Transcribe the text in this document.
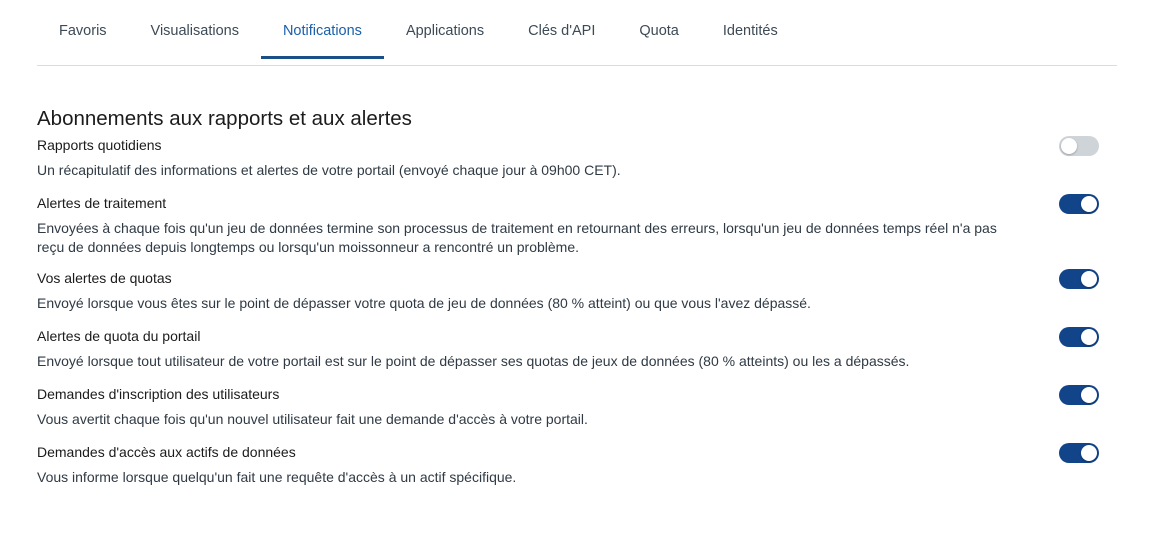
Favoris	Visualisations	Notifications	Applications	Clés d'API	Quota	Identités
Abonnements aux rapports et aux alertes

Rapports quotidiens

Un récapitulatif des informations et alertes de votre portail (envoyé chaque jour à 09h00 CET).

Alertes de traitement

Envoyées à chaque fois qu'un jeu de données termine son processus de traitement en retournant des erreurs, lorsqu'un jeu de données temps réel n'a pas reçu de données depuis longtemps ou lorsqu'un moissonneur a rencontré un problème.

Vos alertes de quotas

Envoyé lorsque vous êtes sur le point de dépasser votre quota de jeu de données (80 % atteint) ou que vous l'avez dépassé.

Alertes de quota du portail

Envoyé lorsque tout utilisateur de votre portail est sur le point de dépasser ses quotas de jeux de données (80 % atteints) ou les a dépassés.

Demandes d'inscription des utilisateurs

Vous avertit chaque fois qu'un nouvel utilisateur fait une demande d'accès à votre portail.

Demandes d'accès aux actifs de données

Vous informe lorsque quelqu'un fait une requête d'accès à un actif spécifique.
